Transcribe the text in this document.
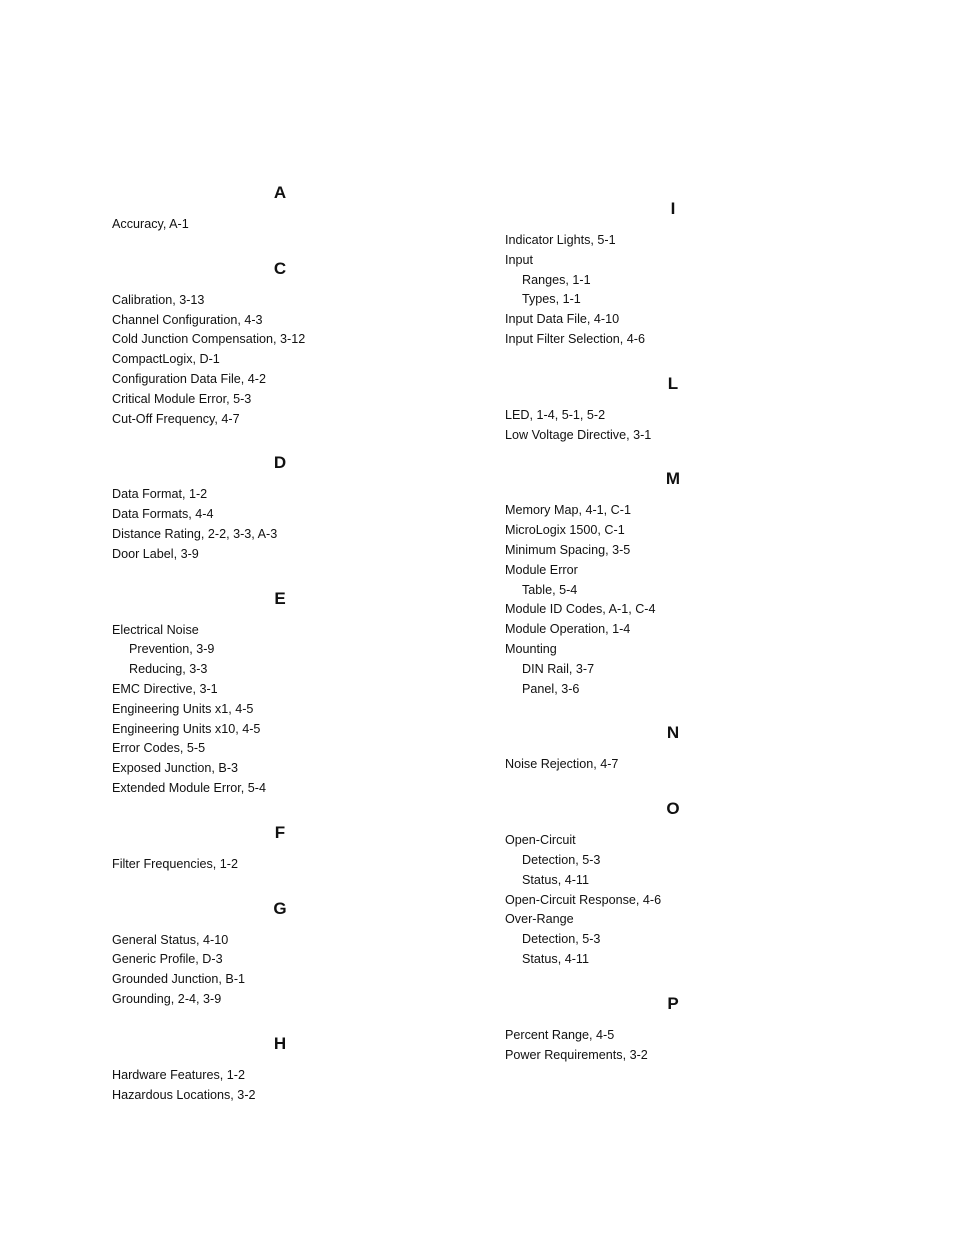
A
Accuracy, A-1
C
Calibration, 3-13
Channel Configuration, 4-3
Cold Junction Compensation, 3-12
CompactLogix, D-1
Configuration Data File, 4-2
Critical Module Error, 5-3
Cut-Off Frequency, 4-7
D
Data Format, 1-2
Data Formats, 4-4
Distance Rating, 2-2, 3-3, A-3
Door Label, 3-9
E
Electrical Noise
Prevention, 3-9
Reducing, 3-3
EMC Directive, 3-1
Engineering Units x1, 4-5
Engineering Units x10, 4-5
Error Codes, 5-5
Exposed Junction, B-3
Extended Module Error, 5-4
F
Filter Frequencies, 1-2
G
General Status, 4-10
Generic Profile, D-3
Grounded Junction, B-1
Grounding, 2-4, 3-9
H
Hardware Features, 1-2
Hazardous Locations, 3-2
I
Indicator Lights, 5-1
Input
Ranges, 1-1
Types, 1-1
Input Data File, 4-10
Input Filter Selection, 4-6
L
LED, 1-4, 5-1, 5-2
Low Voltage Directive, 3-1
M
Memory Map, 4-1, C-1
MicroLogix 1500, C-1
Minimum Spacing, 3-5
Module Error
Table, 5-4
Module ID Codes, A-1, C-4
Module Operation, 1-4
Mounting
DIN Rail, 3-7
Panel, 3-6
N
Noise Rejection, 4-7
O
Open-Circuit
Detection, 5-3
Status, 4-11
Open-Circuit Response, 4-6
Over-Range
Detection, 5-3
Status, 4-11
P
Percent Range, 4-5
Power Requirements, 3-2
